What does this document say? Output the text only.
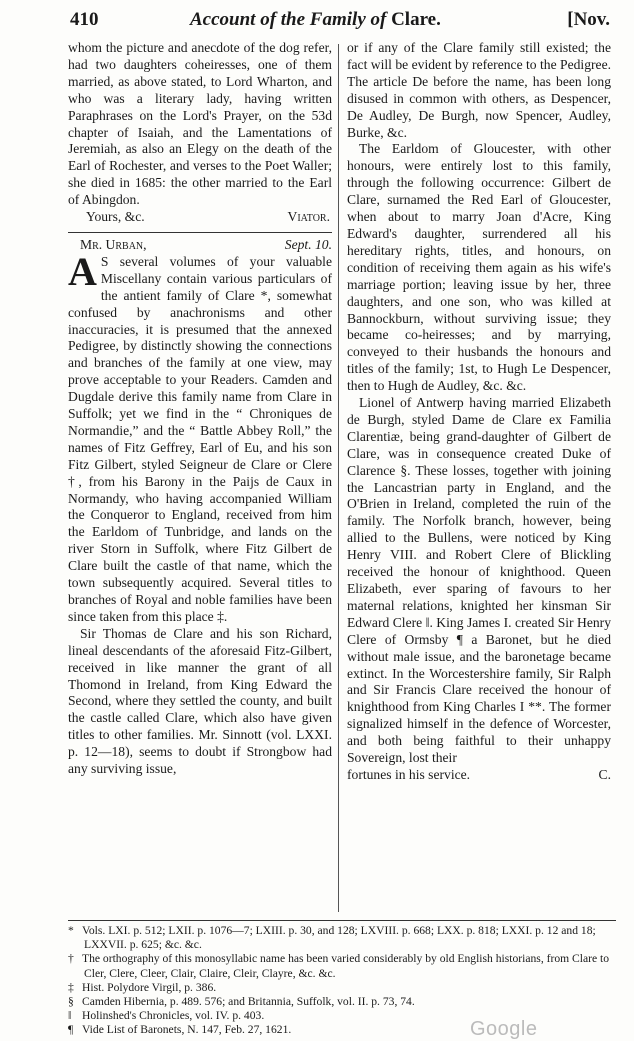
410	Account of the Family of Clare.	[Nov.

whom the picture and anecdote of the dog refer, had two daughters coheiresses, one of them married, as above stated, to Lord Wharton, and who was a literary lady, having written Paraphrases on the Lord's Prayer, on the 53d chapter of Isaiah, and the Lamentations of Jeremiah, as also an Elegy on the death of the Earl of Rochester, and verses to the Poet Waller; she died in 1685: the other married to the Earl of Abingdon.

Yours, &c.	Viator.
Mr. Urban,	Sept. 10.

A S several volumes of your valuable Miscellany contain various particulars of the antient family of Clare *, somewhat confused by anachronisms and other inaccuracies, it is presumed that the annexed Pedigree, by distinctly showing the connections and branches of the family at one view, may prove acceptable to your Readers. Camden and Dugdale derive this family name from Clare in Suffolk; yet we find in the “ Chroniques de Normandie,” and the “ Battle Abbey Roll,” the names of Fitz Geffrey, Earl of Eu, and his son Fitz Gilbert, styled Seigneur de Clare or Clere †, from his Barony in the Paijs de Caux in Normandy, who having accompanied William the Conqueror to England, received from him the Earldom of Tunbridge, and lands on the river Storn in Suffolk, where Fitz Gilbert de Clare built the castle of that name, which the town subsequently acquired. Several titles to branches of Royal and noble families have been since taken from this place ‡.

Sir Thomas de Clare and his son Richard, lineal descendants of the aforesaid Fitz-Gilbert, received in like manner the grant of all Thomond in Ireland, from King Edward the Second, where they settled the county, and built the castle called Clare, which also have given titles to other families. Mr. Sinnott (vol. LXXI. p. 12—18), seems to doubt if Strongbow had any surviving issue,

or if any of the Clare family still existed; the fact will be evident by reference to the Pedigree. The article De before the name, has been long disused in common with others, as Despencer, De Audley, De Burgh, now Spencer, Audley, Burke, &c.

The Earldom of Gloucester, with other honours, were entirely lost to this family, through the following occurrence: Gilbert de Clare, surnamed the Red Earl of Gloucester, when about to marry Joan d'Acre, King Edward's daughter, surrendered all his hereditary rights, titles, and honours, on condition of receiving them again as his wife's marriage portion; leaving issue by her, three daughters, and one son, who was killed at Bannockburn, without surviving issue; they became co-heiresses; and by marrying, conveyed to their husbands the honours and titles of the family; 1st, to Hugh Le Despencer, then to Hugh de Audley, &c. &c.

Lionel of Antwerp having married Elizabeth de Burgh, styled Dame de Clare ex Familia Clarentiæ, being grand-daughter of Gilbert de Clare, was in consequence created Duke of Clarence §. These losses, together with joining the Lancastrian party in England, and the O'Brien in Ireland, completed the ruin of the family. The Norfolk branch, however, being allied to the Bullens, were noticed by King Henry VIII. and Robert Clere of Blickling received the honour of knighthood. Queen Elizabeth, ever sparing of favours to her maternal relations, knighted her kinsman Sir Edward Clere ‖. King James I. created Sir Henry Clere of Ormsby ¶ a Baronet, but he died without male issue, and the baronetage became extinct. In the Worcestershire family, Sir Ralph and Sir Francis Clare received the honour of knighthood from King Charles I **. The former signalized himself in the defence of Worcester, and both being faithful to their unhappy Sovereign, lost their

fortunes in his service.	C.

* Vols. LXI. p. 512; LXII. p. 1076—7; LXIII. p. 30, and 128; LXVIII. p. 668; LXX. p. 818; LXXI. p. 12 and 18; LXXVII. p. 625; &c. &c.

† The orthography of this monosyllabic name has been varied considerably by old English historians, from Clare to Cler, Clere, Cleer, Clair, Claire, Cleir, Clayre, &c. &c.

‡ Hist. Polydore Virgil, p. 386.

§ Camden Hibernia, p. 489. 576; and Britannia, Suffolk, vol. II. p. 73, 74.

‖ Holinshed's Chronicles, vol. IV. p. 403.

¶ Vide List of Baronets, N. 147, Feb. 27, 1621.	Google
